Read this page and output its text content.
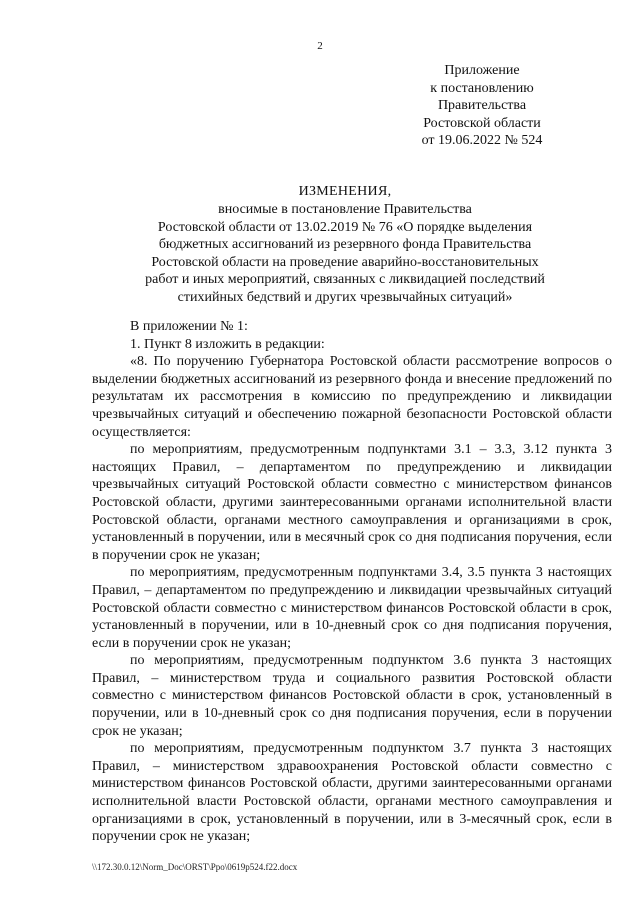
2
Приложение
к постановлению
Правительства
Ростовской области
от 19.06.2022 № 524
ИЗМЕНЕНИЯ,
вносимые в постановление Правительства
Ростовской области от 13.02.2019 № 76 «О порядке выделения
бюджетных ассигнований из резервного фонда Правительства
Ростовской области на проведение аварийно-восстановительных
работ и иных мероприятий, связанных с ликвидацией последствий
стихийных бедствий и других чрезвычайных ситуаций»

В приложении № 1:

1. Пункт 8 изложить в редакции:

«8. По поручению Губернатора Ростовской области рассмотрение вопросов о выделении бюджетных ассигнований из резервного фонда и внесение предложений по результатам их рассмотрения в комиссию по предупреждению и ликвидации чрезвычайных ситуаций и обеспечению пожарной безопасности Ростовской области осуществляется:

по мероприятиям, предусмотренным подпунктами 3.1 – 3.3, 3.12 пункта 3 настоящих Правил, – департаментом по предупреждению и ликвидации чрезвычайных ситуаций Ростовской области совместно с министерством финансов Ростовской области, другими заинтересованными органами исполнительной власти Ростовской области, органами местного самоуправления и организациями в срок, установленный в поручении, или в месячный срок со дня подписания поручения, если в поручении срок не указан;

по мероприятиям, предусмотренным подпунктами 3.4, 3.5 пункта 3 настоящих Правил, – департаментом по предупреждению и ликвидации чрезвычайных ситуаций Ростовской области совместно с министерством финансов Ростовской области в срок, установленный в поручении, или в 10-дневный срок со дня подписания поручения, если в поручении срок не указан;

по мероприятиям, предусмотренным подпунктом 3.6 пункта 3 настоящих Правил, – министерством труда и социального развития Ростовской области совместно с министерством финансов Ростовской области в срок, установленный в поручении, или в 10-дневный срок со дня подписания поручения, если в поручении срок не указан;

по мероприятиям, предусмотренным подпунктом 3.7 пункта 3 настоящих Правил, – министерством здравоохранения Ростовской области совместно с министерством финансов Ростовской области, другими заинтересованными органами исполнительной власти Ростовской области, органами местного самоуправления и организациями в срок, установленный в поручении, или в 3-месячный срок, если в поручении срок не указан;

\\172.30.0.12\Norm_Doc\ORST\Ppo\0619p524.f22.docx
